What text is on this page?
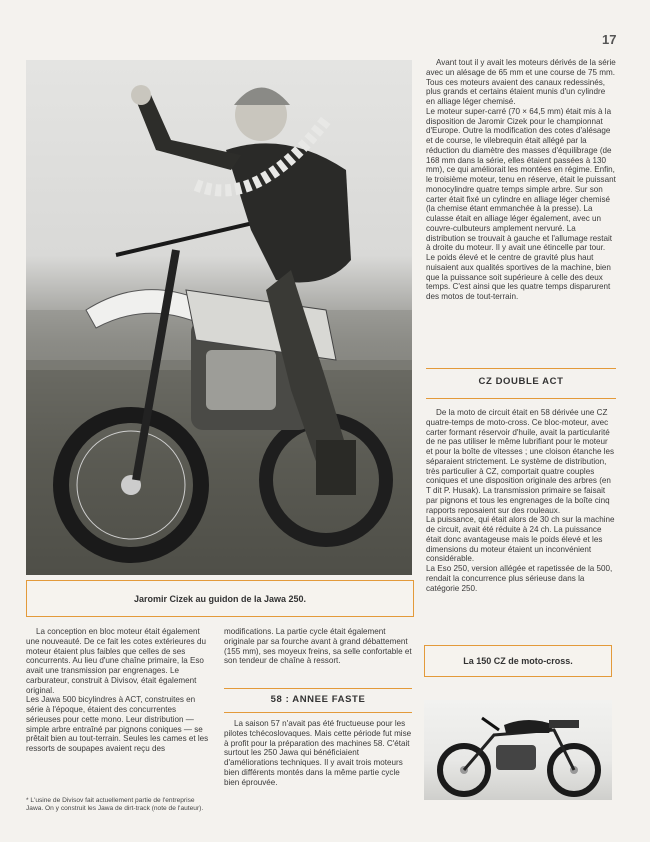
17
Jaromir Cizek au guidon de la Jawa 250.
Avant tout il y avait les moteurs dérivés de la série avec un alésage de 65 mm et une course de 75 mm. Tous ces moteurs avaient des canaux redessinés, plus grands et certains étaient munis d'un cylindre en alliage léger chemisé.
Le moteur super-carré (70 × 64,5 mm) était mis à la disposition de Jaromir Cizek pour le championnat d'Europe. Outre la modification des cotes d'alésage et de course, le vilebrequin était allégé par la réduction du diamètre des masses d'équilibrage (de 168 mm dans la série, elles étaient passées à 130 mm), ce qui améliorait les montées en régime. Enfin, le troisième moteur, tenu en réserve, était le puissant monocylindre quatre temps simple arbre. Sur son carter était fixé un cylindre en alliage léger chemisé (la chemise étant emmanchée à la presse). La culasse était en alliage léger également, avec un couvre-culbuteurs amplement nervuré. La distribution se trouvait à gauche et l'allumage restait à droite du moteur. Il y avait une étincelle par tour. Le poids élevé et le centre de gravité plus haut nuisaient aux qualités sportives de la machine, bien que la puissance soit supérieure à celle des deux temps. C'est ainsi que les quatre temps disparurent des motos de tout-terrain.
CZ DOUBLE ACT
De la moto de circuit était en 58 dérivée une CZ quatre-temps de moto-cross. Ce bloc-moteur, avec carter formant réservoir d'huile, avait la particularité de ne pas utiliser le même lubrifiant pour le moteur et pour la boîte de vitesses ; une cloison étanche les séparaient strictement. Le système de distribution, très particulier à CZ, comportait quatre couples coniques et une disposition originale des arbres (en T dit P. Husak). La transmission primaire se faisait par pignons et tous les engrenages de la boîte cinq rapports reposaient sur des rouleaux.
La puissance, qui était alors de 30 ch sur la machine de circuit, avait été réduite à 24 ch. La puissance était donc avantageuse mais le poids élevé et les dimensions du moteur étaient un inconvénient considérable.
La Eso 250, version allégée et rapetissée de la 500, rendait la concurrence plus sérieuse dans la catégorie 250.
La 150 CZ de moto-cross.
La conception en bloc moteur était également une nouveauté. De ce fait les cotes extérieures du moteur étaient plus faibles que celles de ses concurrents. Au lieu d'une chaîne primaire, la Eso avait une transmission par engrenages. Le carburateur, construit à Divisov, était également original.
Les Jawa 500 bicylindres à ACT, construites en série à l'époque, étaient des concurrentes sérieuses pour cette mono. Leur distribution — simple arbre entraîné par pignons coniques — se prêtait bien au tout-terrain. Seules les cames et les ressorts de soupapes avaient reçu des
* L'usine de Divisov fait actuellement partie de l'entreprise Jawa. On y construit les Jawa de dirt-track (note de l'auteur).
modifications. La partie cycle était également originale par sa fourche avant à grand débattement (155 mm), ses moyeux freins, sa selle confortable et son tendeur de chaîne à ressort.
58 : ANNEE FASTE
La saison 57 n'avait pas été fructueuse pour les pilotes tchécoslovaques. Mais cette période fut mise à profit pour la préparation des machines 58. C'était surtout les 250 Jawa qui bénéficiaient d'améliorations techniques. Il y avait trois moteurs bien différents montés dans la même partie cycle bien éprouvée.
